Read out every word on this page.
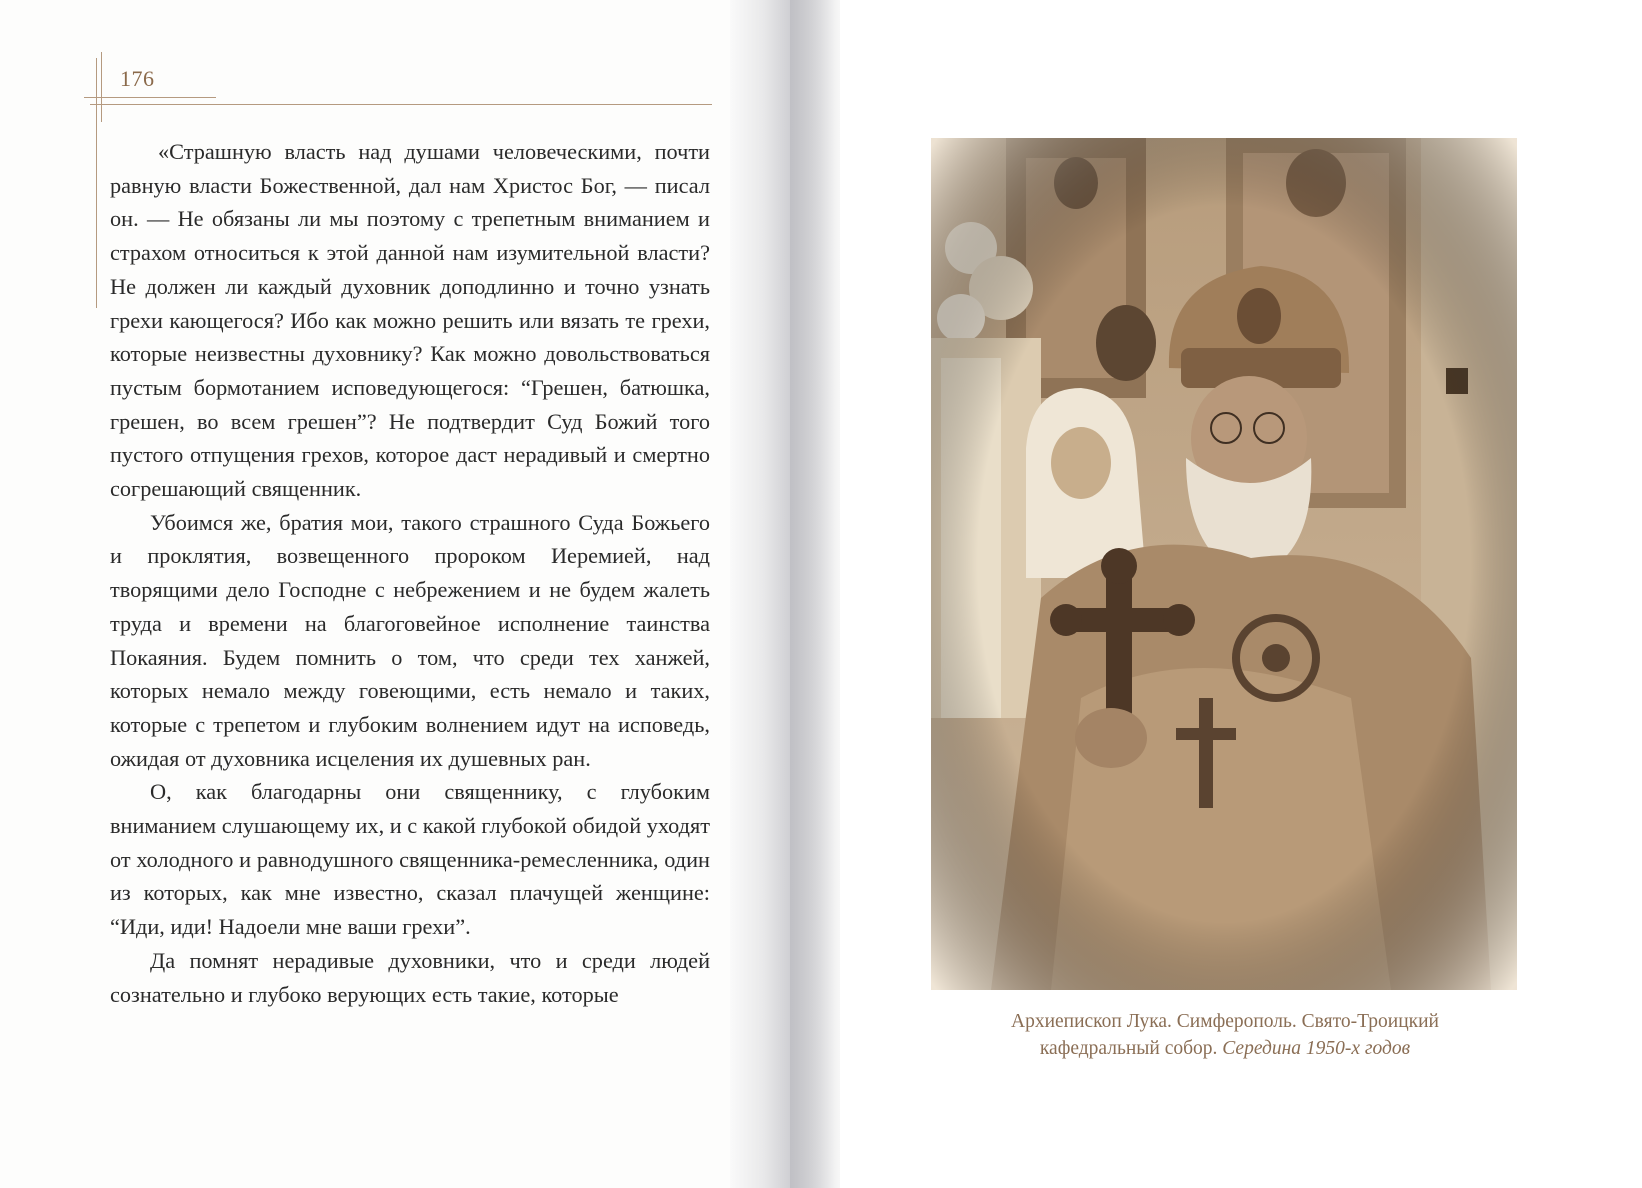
176

«Страшную власть над душами человеческими, почти равную власти Божественной, дал нам Христос Бог, — писал он. — Не обязаны ли мы поэтому с трепетным вниманием и страхом относиться к этой данной нам изумительной власти? Не должен ли каждый духовник доподлинно и точно узнать грехи кающегося? Ибо как можно решить или вязать те грехи, которые неизвестны духовнику? Как можно довольствоваться пустым бормотанием исповедующегося: “Грешен, батюшка, грешен, во всем грешен”? Не подтвердит Суд Божий того пустого отпущения грехов, которое даст нерадивый и смертно согрешающий священник.

Убоимся же, братия мои, такого страшного Суда Божьего и проклятия, возвещенного пророком Иеремией, над творящими дело Господне с небрежением и не будем жалеть труда и времени на благоговейное исполнение таинства Покаяния. Будем помнить о том, что среди тех ханжей, которых немало между говеющими, есть немало и таких, которые с трепетом и глубоким волнением идут на исповедь, ожидая от духовника исцеления их душевных ран.

О, как благодарны они священнику, с глубоким вниманием слушающему их, и с какой глубокой обидой уходят от холодного и равнодушного священника-ремесленника, один из которых, как мне известно, сказал плачущей женщине: “Иди, иди! Надоели мне ваши грехи”.

Да помнят нерадивые духовники, что и среди людей сознательно и глубоко верующих есть такие, которые

Архиепископ Лука. Симферополь. Свято-Троицкий
кафедральный собор. Середина 1950-х годов
